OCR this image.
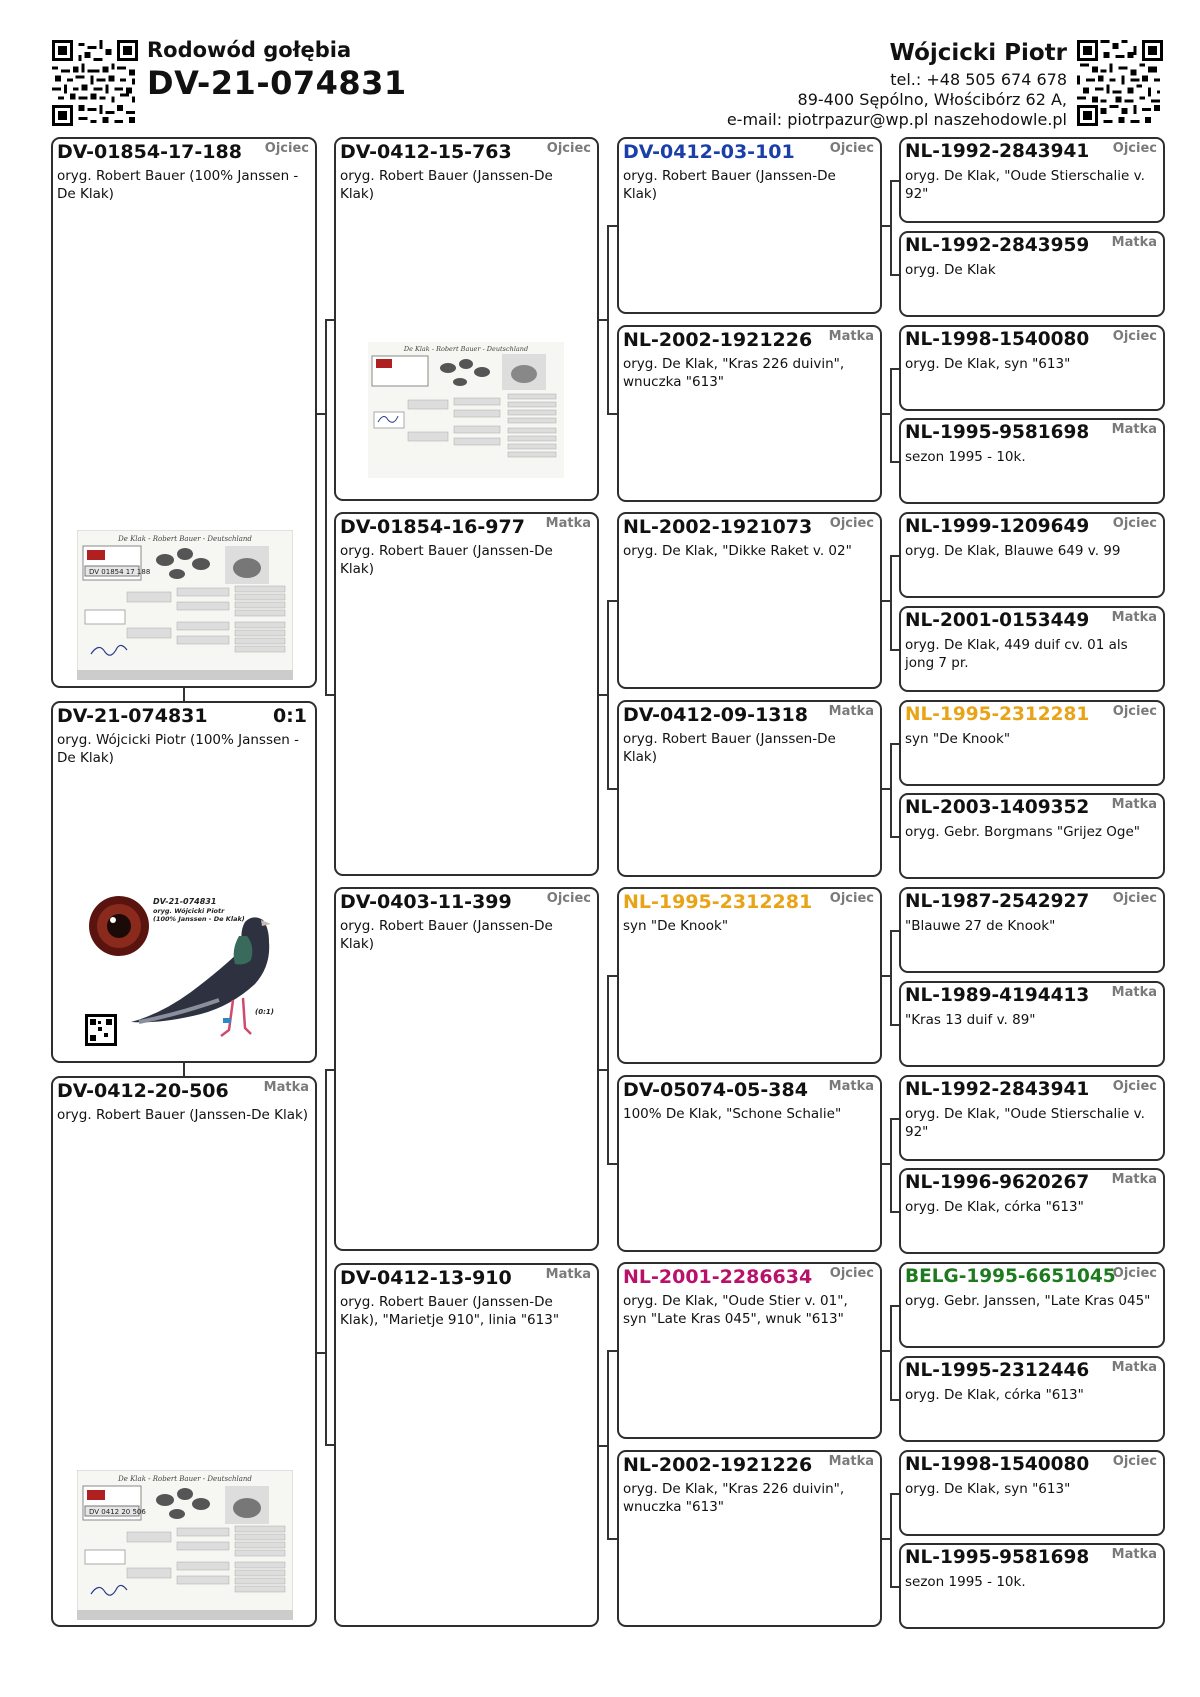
Rodowód gołębia
DV-21-074831
Wójcicki Piotr
tel.: +48 505 674 678
89-400 Sępólno, Włościbórz 62 A,
e-mail: piotrpazur@wp.pl naszehodowle.pl
DV-01854-17-188 Ojciec
oryg. Robert Bauer (100% Janssen - De Klak)
De Klak - Robert Bauer - Deutschland
DV 01854 17 188
DV-21-074831	0:1
oryg. Wójcicki Piotr (100% Janssen - De Klak)
DV-21-074831
oryg. Wójcicki Piotr
(100% Janssen - De Klak)
(0:1)
DV-0412-20-506	Matka
oryg. Robert Bauer (Janssen-De Klak)
De Klak - Robert Bauer - Deutschland
DV 0412 20 506
DV-0412-15-763	Ojciec
oryg. Robert Bauer (Janssen-De Klak)
De Klak - Robert Bauer - Deutschland
DV-01854-16-977 Matka
oryg. Robert Bauer (Janssen-De Klak)
DV-0403-11-399	Ojciec
oryg. Robert Bauer (Janssen-De Klak)
DV-0412-13-910	Matka
oryg. Robert Bauer (Janssen-De Klak), "Marietje 910", linia "613"
DV-0412-03-101	Ojciec
oryg. Robert Bauer (Janssen-De Klak)
NL-2002-1921226 Matka
oryg. De Klak, "Kras 226 duivin", wnuczka "613"
NL-2002-1921073 Ojciec
oryg. De Klak, "Dikke Raket v. 02"
DV-0412-09-1318 Matka
oryg. Robert Bauer (Janssen-De Klak)
NL-1995-2312281 Ojciec
syn "De Knook"
DV-05074-05-384 Matka
100% De Klak, "Schone Schalie"
NL-2001-2286634 Ojciec
oryg. De Klak, "Oude Stier v. 01", syn "Late Kras 045", wnuk "613"
NL-2002-1921226 Matka
oryg. De Klak, "Kras 226 duivin", wnuczka "613"
NL-1992-2843941 Ojciec
oryg. De Klak, "Oude Stierschalie v. 92"
NL-1992-2843959 Matka
oryg. De Klak
NL-1998-1540080 Ojciec
oryg. De Klak, syn "613"
NL-1995-9581698 Matka
sezon 1995 - 10k.
NL-1999-1209649 Ojciec
oryg. De Klak, Blauwe 649 v. 99
NL-2001-0153449 Matka
oryg. De Klak, 449 duif cv. 01 als jong 7 pr.
NL-1995-2312281 Ojciec
syn "De Knook"
NL-2003-1409352 Matka
oryg. Gebr. Borgmans "Grijez Oge"
NL-1987-2542927 Ojciec
"Blauwe 27 de Knook"
NL-1989-4194413 Matka
"Kras 13 duif v. 89"
NL-1992-2843941 Ojciec
oryg. De Klak, "Oude Stierschalie v. 92"
NL-1996-9620267 Matka
oryg. De Klak, córka "613"
BELG-1995-6651045
Ojciec
oryg. Gebr. Janssen, "Late Kras 045"
NL-1995-2312446 Matka
oryg. De Klak, córka "613"
NL-1998-1540080 Ojciec
oryg. De Klak, syn "613"
NL-1995-9581698 Matka
sezon 1995 - 10k.
